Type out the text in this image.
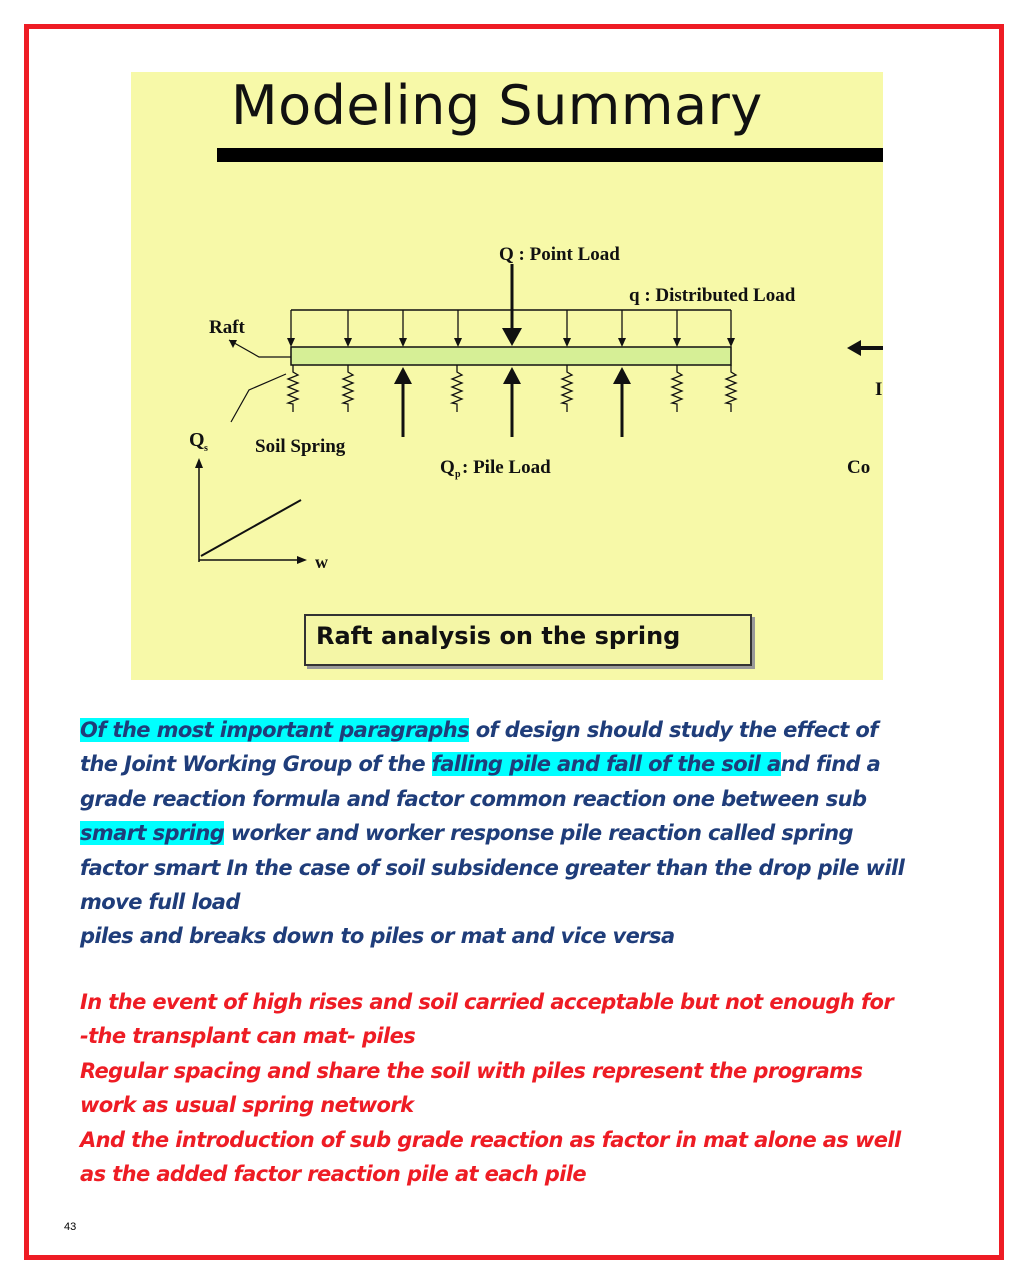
Modeling Summary
Q : Point Load
q : Distributed Load
Raft
Soil Spring
Q s
w
Q p : Pile Load
I
Co
Raft analysis on the spring
Of the most important paragraphs of design should study the effect of
the Joint Working Group of the falling pile and fall of the soil and find a
grade reaction formula and factor common reaction one between sub
smart spring worker and worker response pile reaction called spring
factor smart In the case of soil subsidence greater than the drop pile will
move full load
piles and breaks down to piles or mat and vice versa
In the event of high rises and soil carried acceptable but not enough for
-the transplant can mat- piles
Regular spacing and share the soil with piles represent the programs
work as usual spring network
And the introduction of sub grade reaction as factor in mat alone as well
as the added factor reaction pile at each pile
43
